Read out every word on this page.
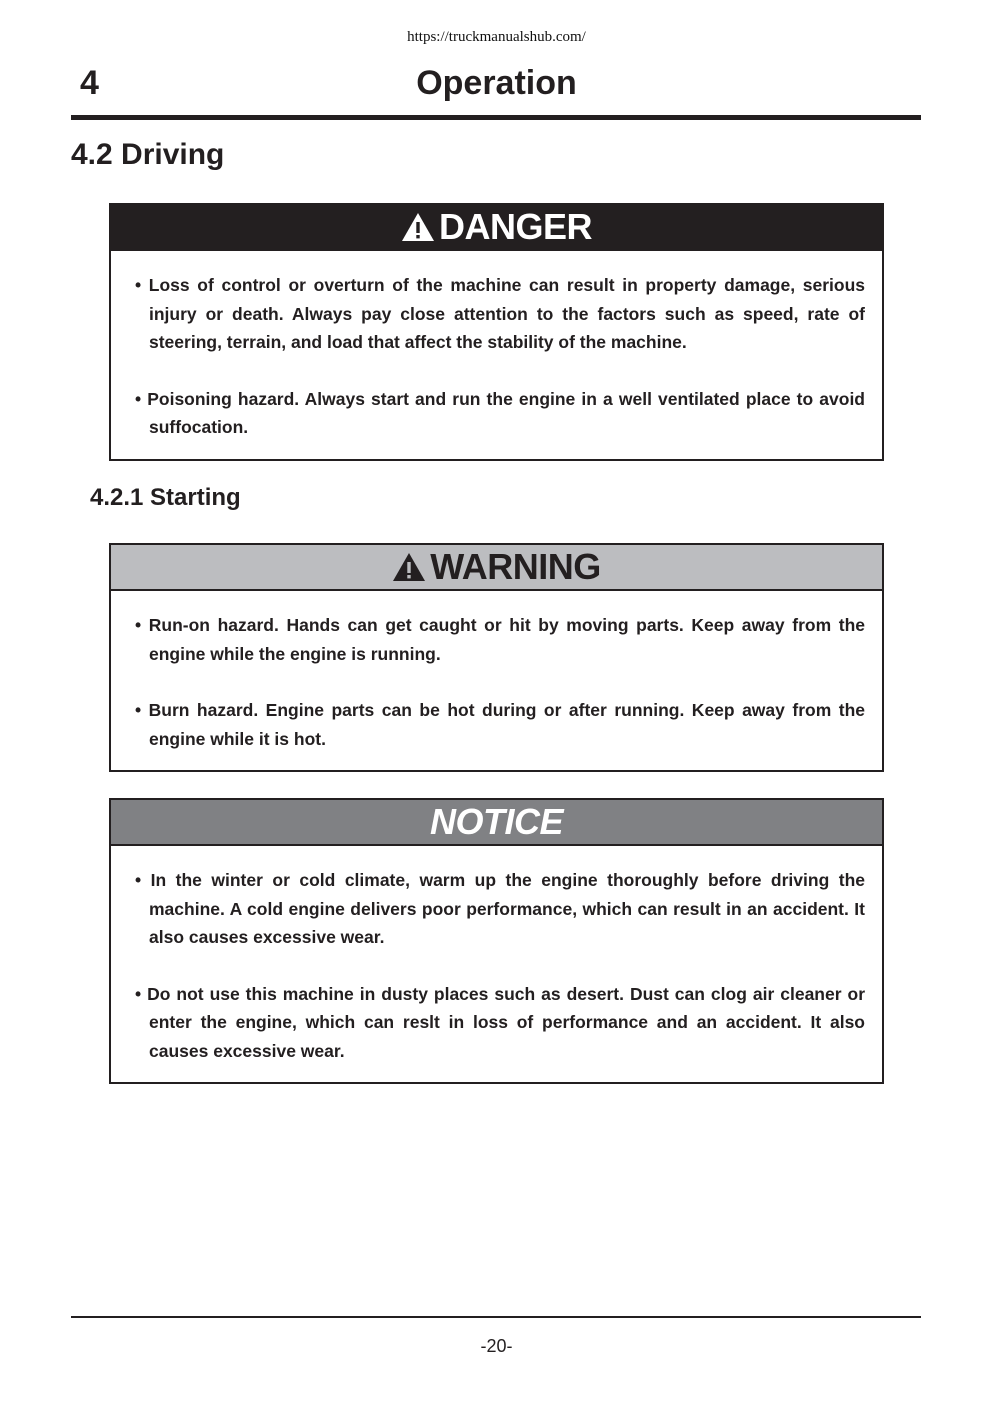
https://truckmanualshub.com/
Operation
4
4.2 Driving
DANGER

• Loss of control or overturn of the machine can result in property damage, serious injury or death. Always pay close attention to the factors such as speed, rate of steering, terrain, and load that affect the stability of the machine.

• Poisoning hazard. Always start and run the engine in a well ventilated place to avoid suffocation.

4.2.1 Starting
WARNING

• Run-on hazard. Hands can get caught or hit by moving parts. Keep away from the engine while the engine is running.

• Burn hazard. Engine parts can be hot during or after running. Keep away from the engine while it is hot.

NOTICE

• In the winter or cold climate, warm up the engine thoroughly before driving the machine. A cold engine delivers poor performance, which can result in an accident. It also causes excessive wear.

• Do not use this machine in dusty places such as desert. Dust can clog air cleaner or enter the engine, which can reslt in loss of performance and an accident. It also causes excessive wear.

-20-
